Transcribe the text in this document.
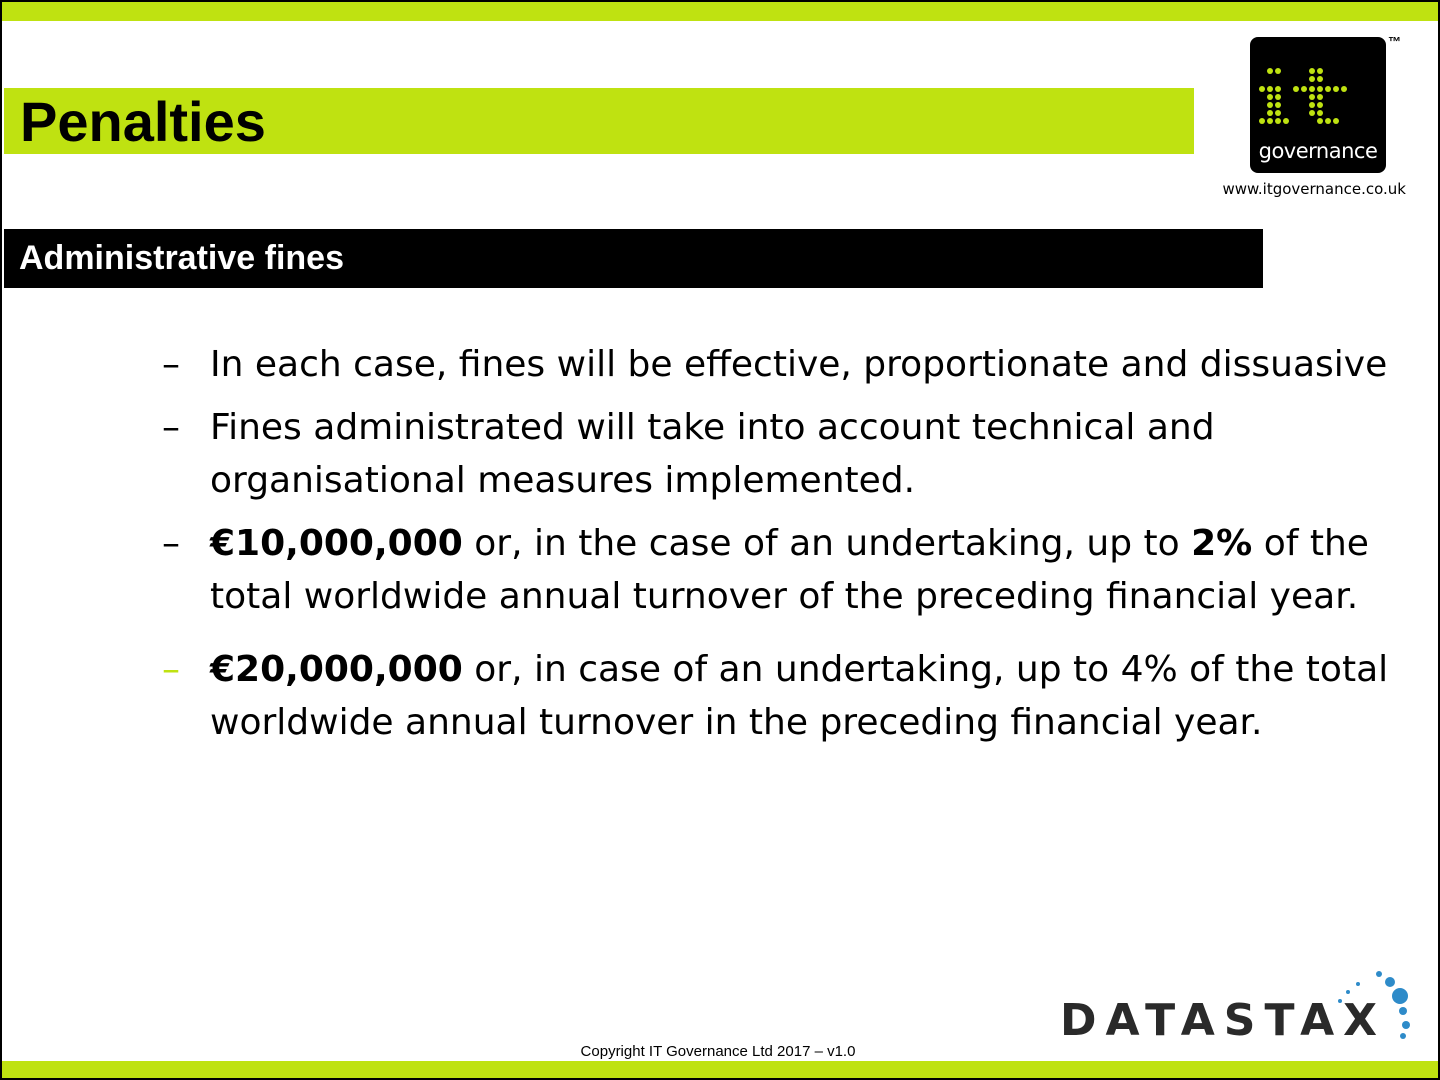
Penalties	governance
™
www.itgovernance.co.uk
Administrative fines
– In each case, fines will be effective, proportionate and dissuasive
– Fines administrated will take into account technical and
organisational measures implemented.
– €10,000,000 or, in the case of an undertaking, up to 2% of the
total worldwide annual turnover of the preceding financial year.
– €20,000,000 or, in case of an undertaking, up to 4% of the total
worldwide annual turnover in the preceding financial year.
DATASTAX
Copyright IT Governance Ltd 2017 – v1.0
